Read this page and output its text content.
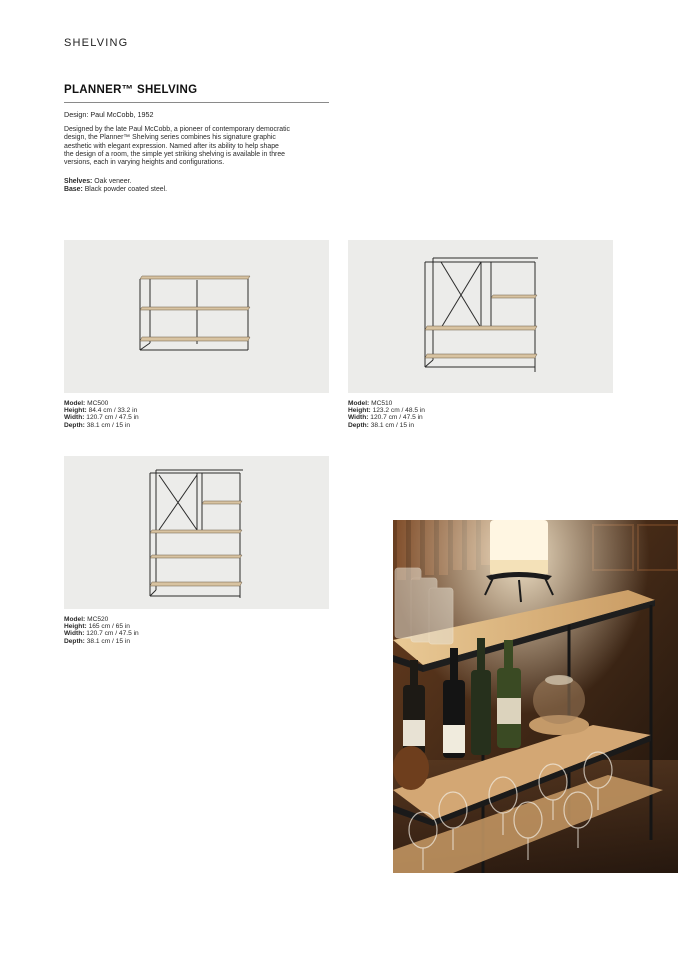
SHELVING
PLANNER™ SHELVING
Design: Paul McCobb, 1952
Designed by the late Paul McCobb, a pioneer of contemporary democratic
design, the Planner™ Shelving series combines his signature graphic
aesthetic with elegant expression. Named after its ability to help shape
the design of a room, the simple yet striking shelving is available in three
versions, each in varying heights and configurations.
Shelves: Oak veneer.
Base: Black powder coated steel.
Model: MC500
Height: 84.4 cm / 33.2 in
Width: 120.7 cm / 47.5 in
Depth: 38.1 cm / 15 in
Model: MC510
Height: 123.2 cm / 48.5 in
Width: 120.7 cm / 47.5 in
Depth: 38.1 cm / 15 in
Model: MC520
Height: 165 cm / 65 in
Width: 120.7 cm / 47.5 in
Depth: 38.1 cm / 15 in
